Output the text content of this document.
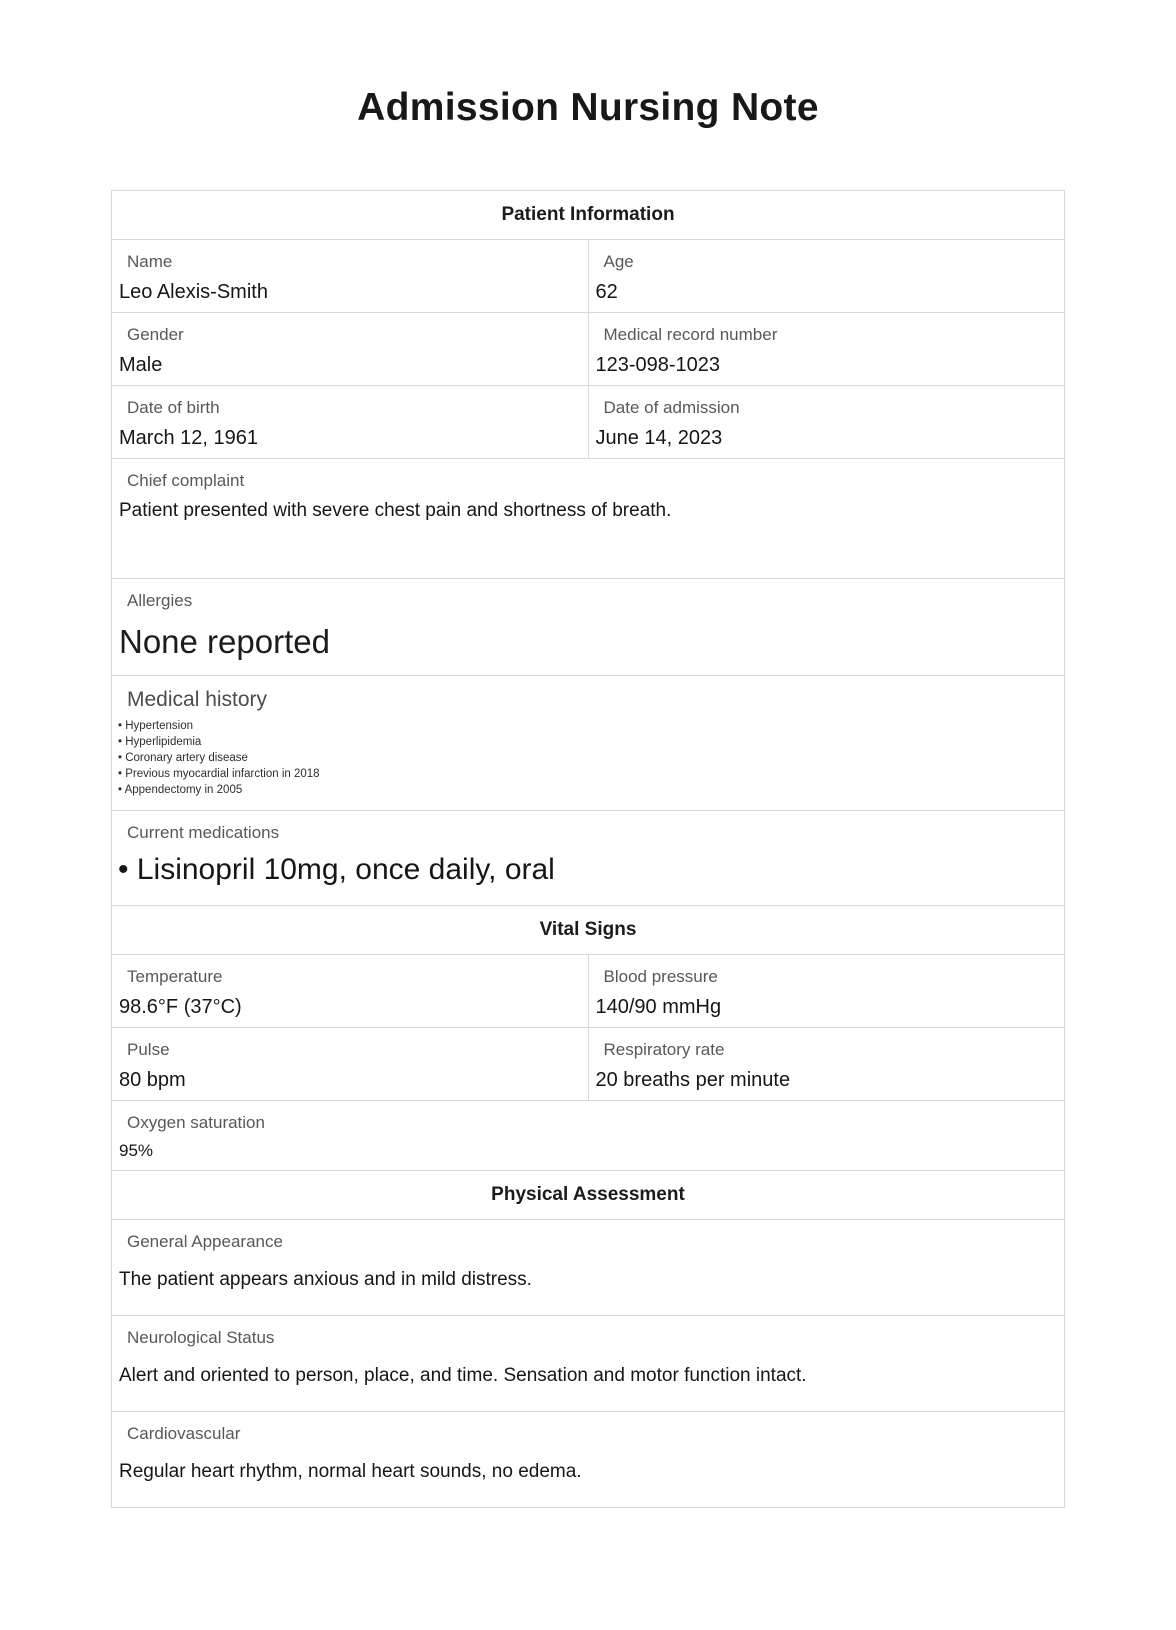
Admission Nursing Note
Patient Information	

Name
Leo Alexis-Smith

Age
62

Gender
Male

Medical record number
123-098-1023

Date of birth
March 12, 1961

Date of admission
June 14, 2023

Chief complaint
Patient presented with severe chest pain and shortness of breath.	

Allergies
None reported	

Medical history
• Hypertension
• Hyperlipidemia
• Coronary artery disease
• Previous myocardial infarction in 2018
• Appendectomy in 2005

Current medications
• Lisinopril 10mg, once daily, oral

Vital Signs	

Temperature
98.6°F (37°C)

Blood pressure
140/90 mmHg

Pulse
80 bpm

Respiratory rate
20 breaths per minute

Oxygen saturation
95%	

Physical Assessment	

General Appearance
The patient appears anxious and in mild distress.	

Neurological Status
Alert and oriented to person, place, and time. Sensation and motor function intact.	

Cardiovascular
Regular heart rhythm, normal heart sounds, no edema.	
